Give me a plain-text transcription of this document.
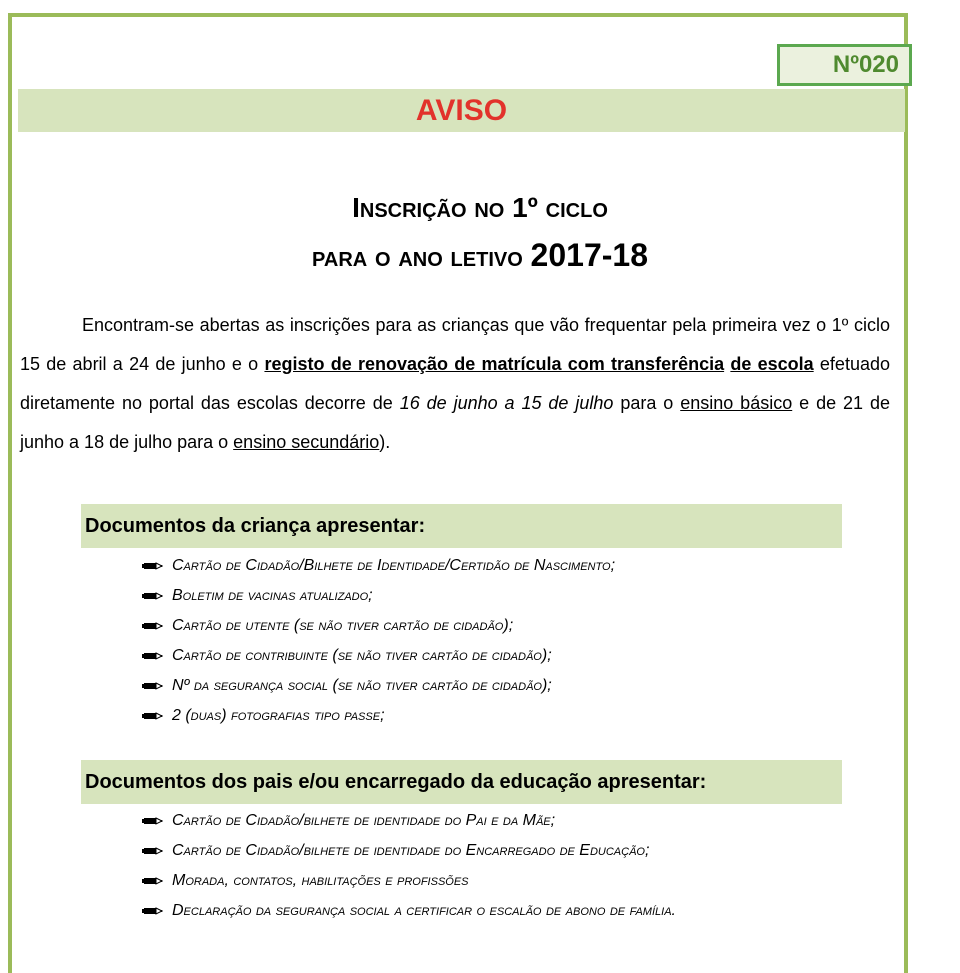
Nº020
AVISO
Inscrição no 1º ciclo
para o ano letivo 2017-18
Encontram-se abertas as inscrições para as crianças que vão frequentar pela primeira vez o 1º ciclo 15 de abril a 24 de junho e o registo de renovação de matrícula com transferência de escola efetuado diretamente no portal das escolas decorre de 16 de junho a 15 de julho para o ensino básico e de 21 de junho a 18 de julho para o ensino secundário).
Documentos da criança apresentar:
Cartão de Cidadão/Bilhete de Identidade/Certidão de Nascimento;
Boletim de vacinas atualizado;
Cartão de utente (se não tiver cartão de cidadão);
Cartão de contribuinte (se não tiver cartão de cidadão);
Nº da segurança social (se não tiver cartão de cidadão);
2 (duas) fotografias tipo passe;
Documentos dos pais e/ou encarregado da educação apresentar:
Cartão de Cidadão/bilhete de identidade do Pai e da Mãe;
Cartão de Cidadão/bilhete de identidade do Encarregado de Educação;
Morada, contatos, habilitações e profissões
Declaração da segurança social a certificar o escalão de abono de família.
